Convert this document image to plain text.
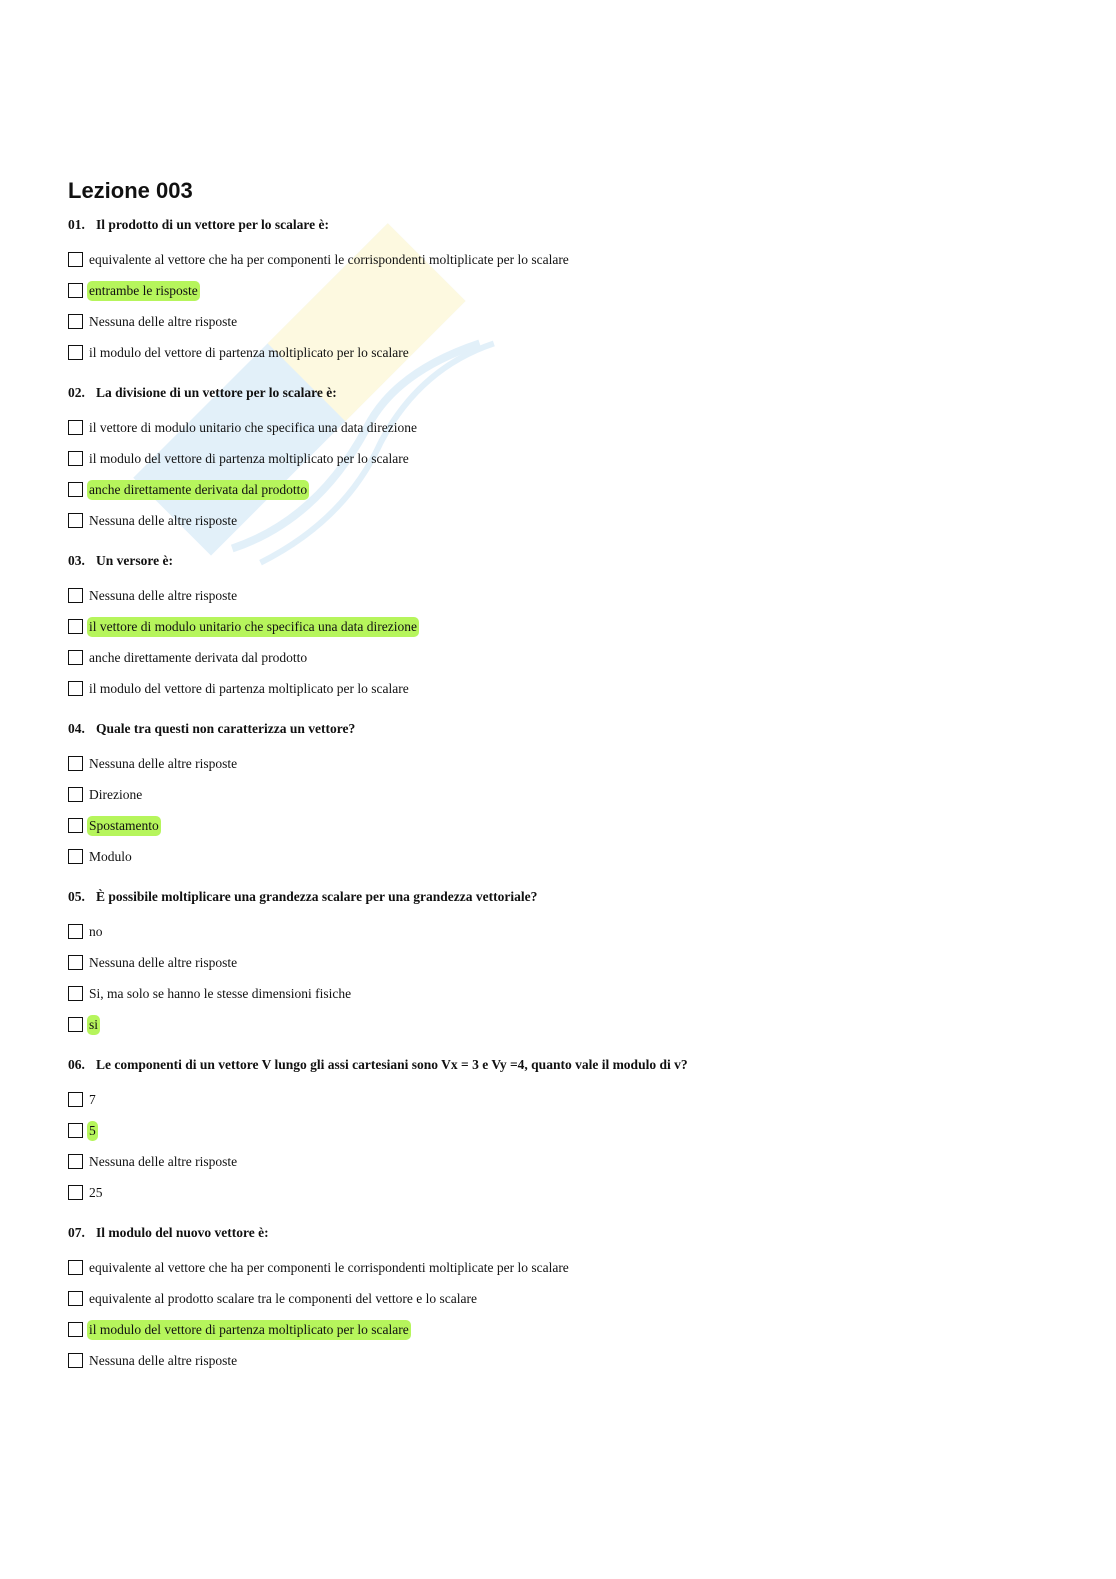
Lezione 003
01. Il prodotto di un vettore per lo scalare è:
equivalente al vettore che ha per componenti le corrispondenti moltiplicate per lo scalare
entrambe le risposte
Nessuna delle altre risposte
il modulo del vettore di partenza moltiplicato per lo scalare
02. La divisione di un vettore per lo scalare è:
il vettore di modulo unitario che specifica una data direzione
il modulo del vettore di partenza moltiplicato per lo scalare
anche direttamente derivata dal prodotto
Nessuna delle altre risposte
03. Un versore è:
Nessuna delle altre risposte
il vettore di modulo unitario che specifica una data direzione
anche direttamente derivata dal prodotto
il modulo del vettore di partenza moltiplicato per lo scalare
04. Quale tra questi non caratterizza un vettore?
Nessuna delle altre risposte
Direzione
Spostamento
Modulo
05. È possibile moltiplicare una grandezza scalare per una grandezza vettoriale?
no
Nessuna delle altre risposte
Si, ma solo se hanno le stesse dimensioni fisiche
si
06. Le componenti di un vettore V lungo gli assi cartesiani sono Vx = 3 e Vy =4, quanto vale il modulo di v?
7
5
Nessuna delle altre risposte
25
07. Il modulo del nuovo vettore è:
equivalente al vettore che ha per componenti le corrispondenti moltiplicate per lo scalare
equivalente al prodotto scalare tra le componenti del vettore e lo scalare
il modulo del vettore di partenza moltiplicato per lo scalare
Nessuna delle altre risposte
